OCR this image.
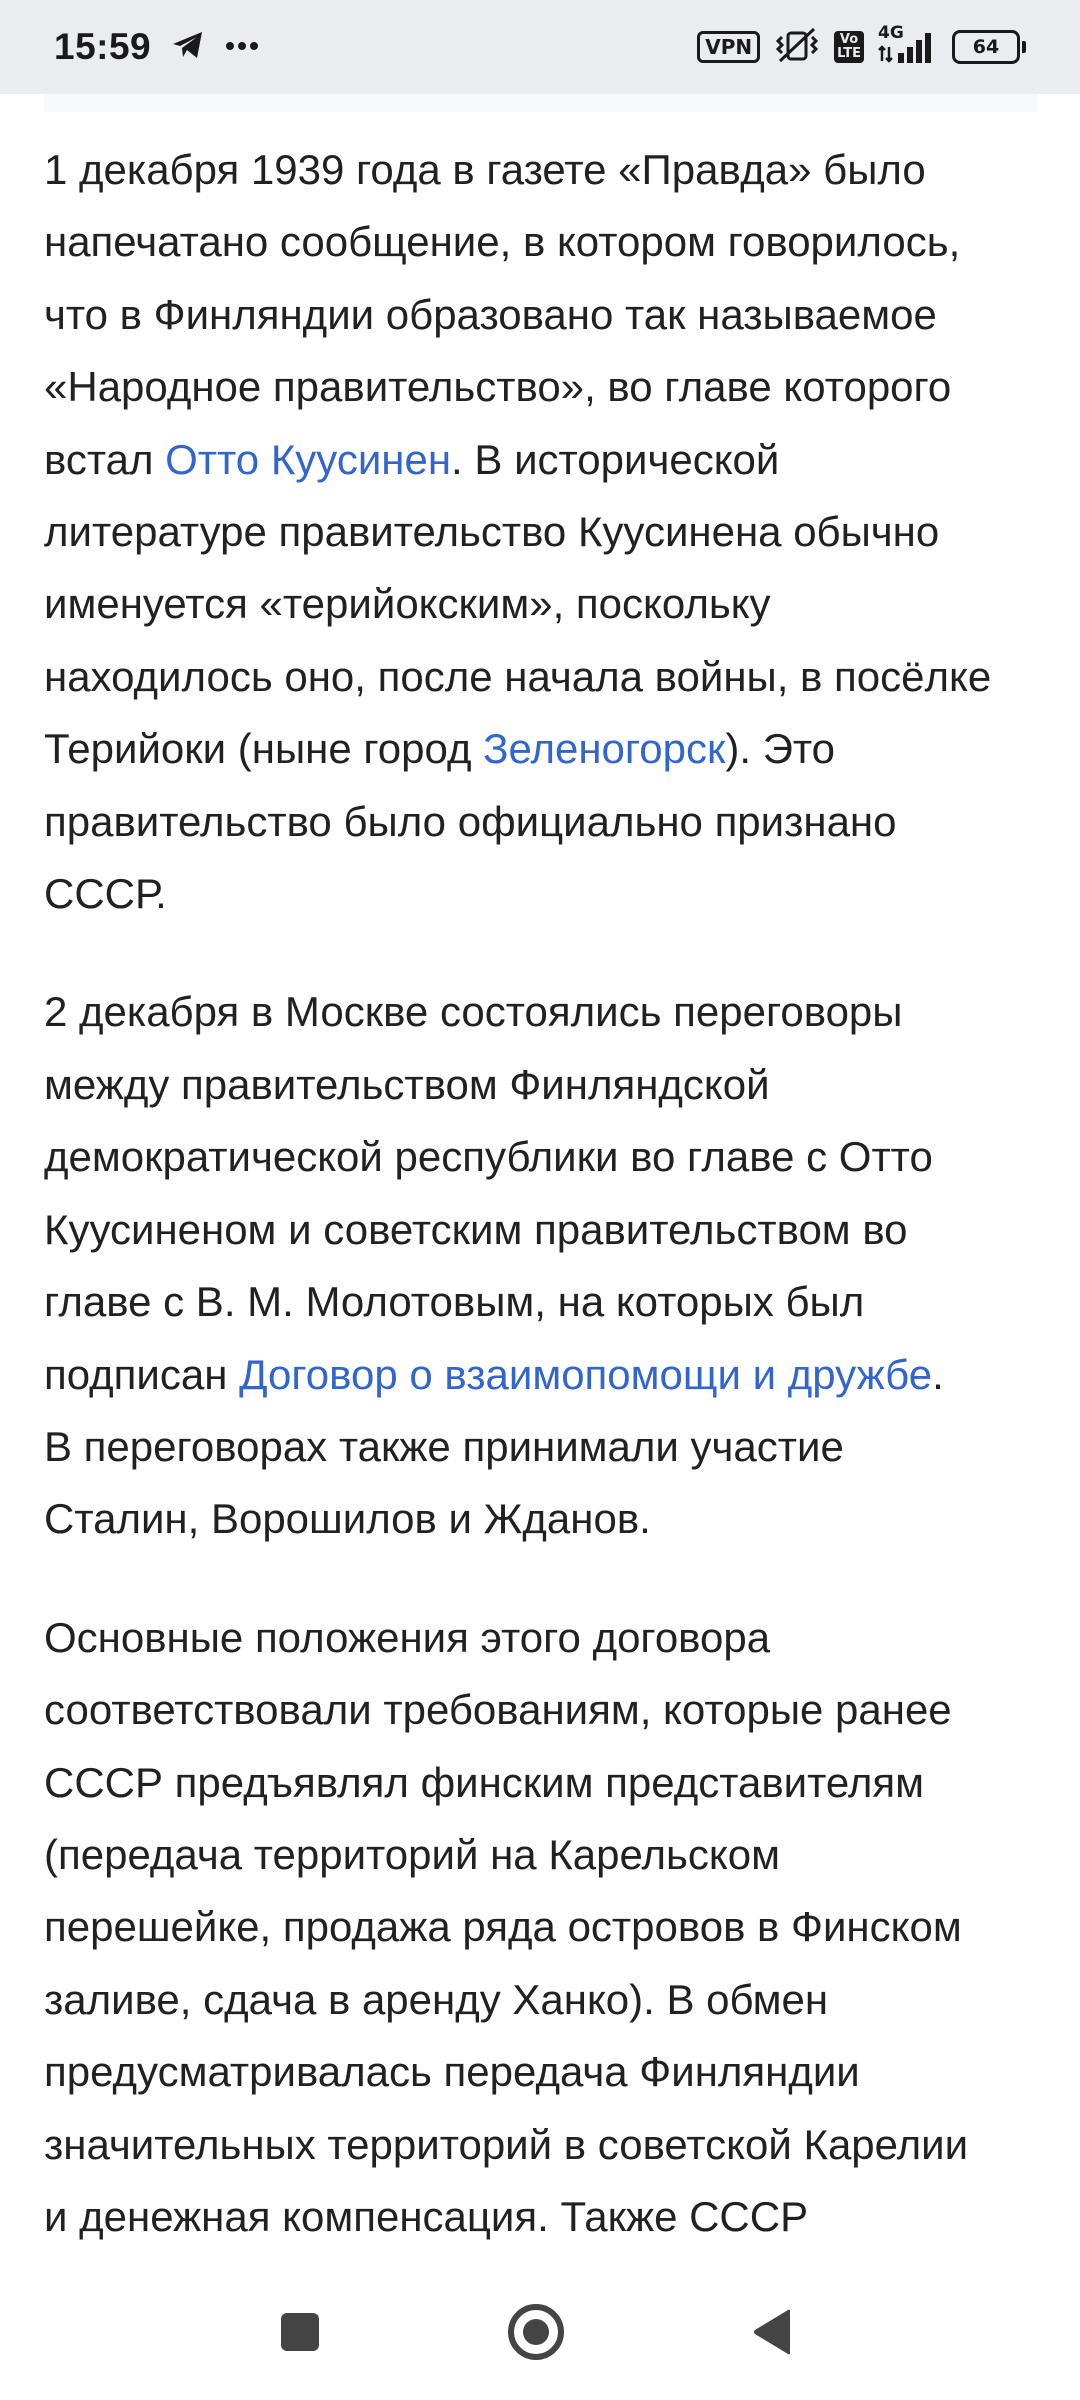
15:59	VPN	Vo
LTE
4G
64

1 декабря 1939 года в газете «Правда» было
напечатано сообщение, в котором говорилось,
что в Финляндии образовано так называемое
«Народное правительство», во главе которого
встал Отто Куусинен. В исторической
литературе правительство Куусинена обычно
именуется «терийокским», поскольку
находилось оно, после начала войны, в посёлке
Терийоки (ныне город Зеленогорск). Это
правительство было официально признано
СССР.

2 декабря в Москве состоялись переговоры
между правительством Финляндской
демократической республики во главе с Отто
Куусиненом и советским правительством во
главе с В. М. Молотовым, на которых был
подписан Договор о взаимопомощи и дружбе.
В переговорах также принимали участие
Сталин, Ворошилов и Жданов.

Основные положения этого договора
соответствовали требованиям, которые ранее
СССР предъявлял финским представителям
(передача территорий на Карельском
перешейке, продажа ряда островов в Финском
заливе, сдача в аренду Ханко). В обмен
предусматривалась передача Финляндии
значительных территорий в советской Карелии
и денежная компенсация. Также СССР
